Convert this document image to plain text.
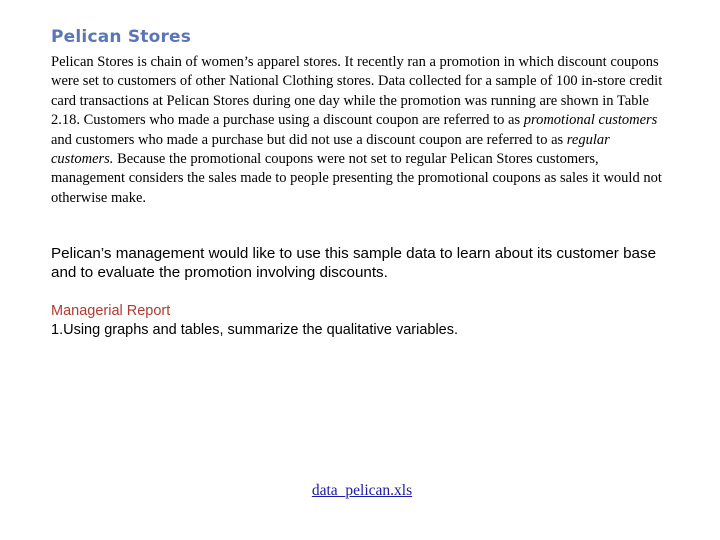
Pelican Stores

Pelican Stores is chain of women’s apparel stores. It recently ran a promotion in which discount coupons were set to customers of other National Clothing stores. Data collected for a sample of 100 in-store credit card transactions at Pelican Stores during one day while the promotion was running are shown in Table 2.18. Customers who made a purchase using a discount coupon are referred to as promotional customers and customers who made a purchase but did not use a discount coupon are referred to as regular customers. Because the promotional coupons were not set to regular Pelican Stores customers, management considers the sales made to people presenting the promotional coupons as sales it would not otherwise make.

Pelican’s management would like to use this sample data to learn about its customer base and to evaluate the promotion involving discounts.
Managerial Report
1.Using graphs and tables, summarize the qualitative variables.
data_pelican.xls
